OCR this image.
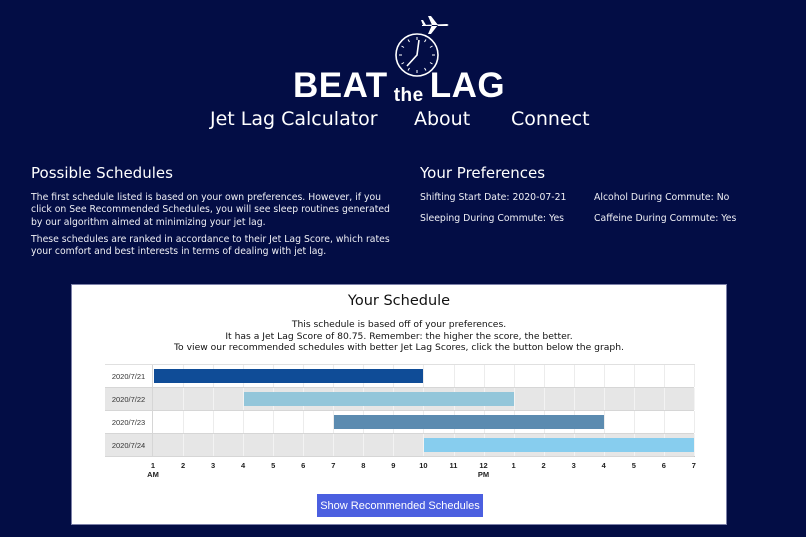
BEAT the LAG
Jet Lag Calculator About Connect
Possible Schedules

The first schedule listed is based on your own preferences. However, if you click on See Recommended Schedules, you will see sleep routines generated by our algorithm aimed at minimizing your jet lag.

These schedules are ranked in accordance to their Jet Lag Score, which rates your comfort and best interests in terms of dealing with jet lag.

Your Preferences
Shifting Start Date: 2020-07-21	Alcohol During Commute: No
Sleeping During Commute: Yes	Caffeine During Commute: Yes
Your Schedule
This schedule is based off of your preferences.
It has a Jet Lag Score of 80.75. Remember: the higher the score, the better.
To view our recommended schedules with better Jet Lag Scores, click the button below the graph.
2020/7/21
2020/7/22
2020/7/23
2020/7/24
1
AM
2	3	4	5	6	7	8	9	10	11	12
PM
1	2	3	4	5	6	7
Show Recommended Schedules
